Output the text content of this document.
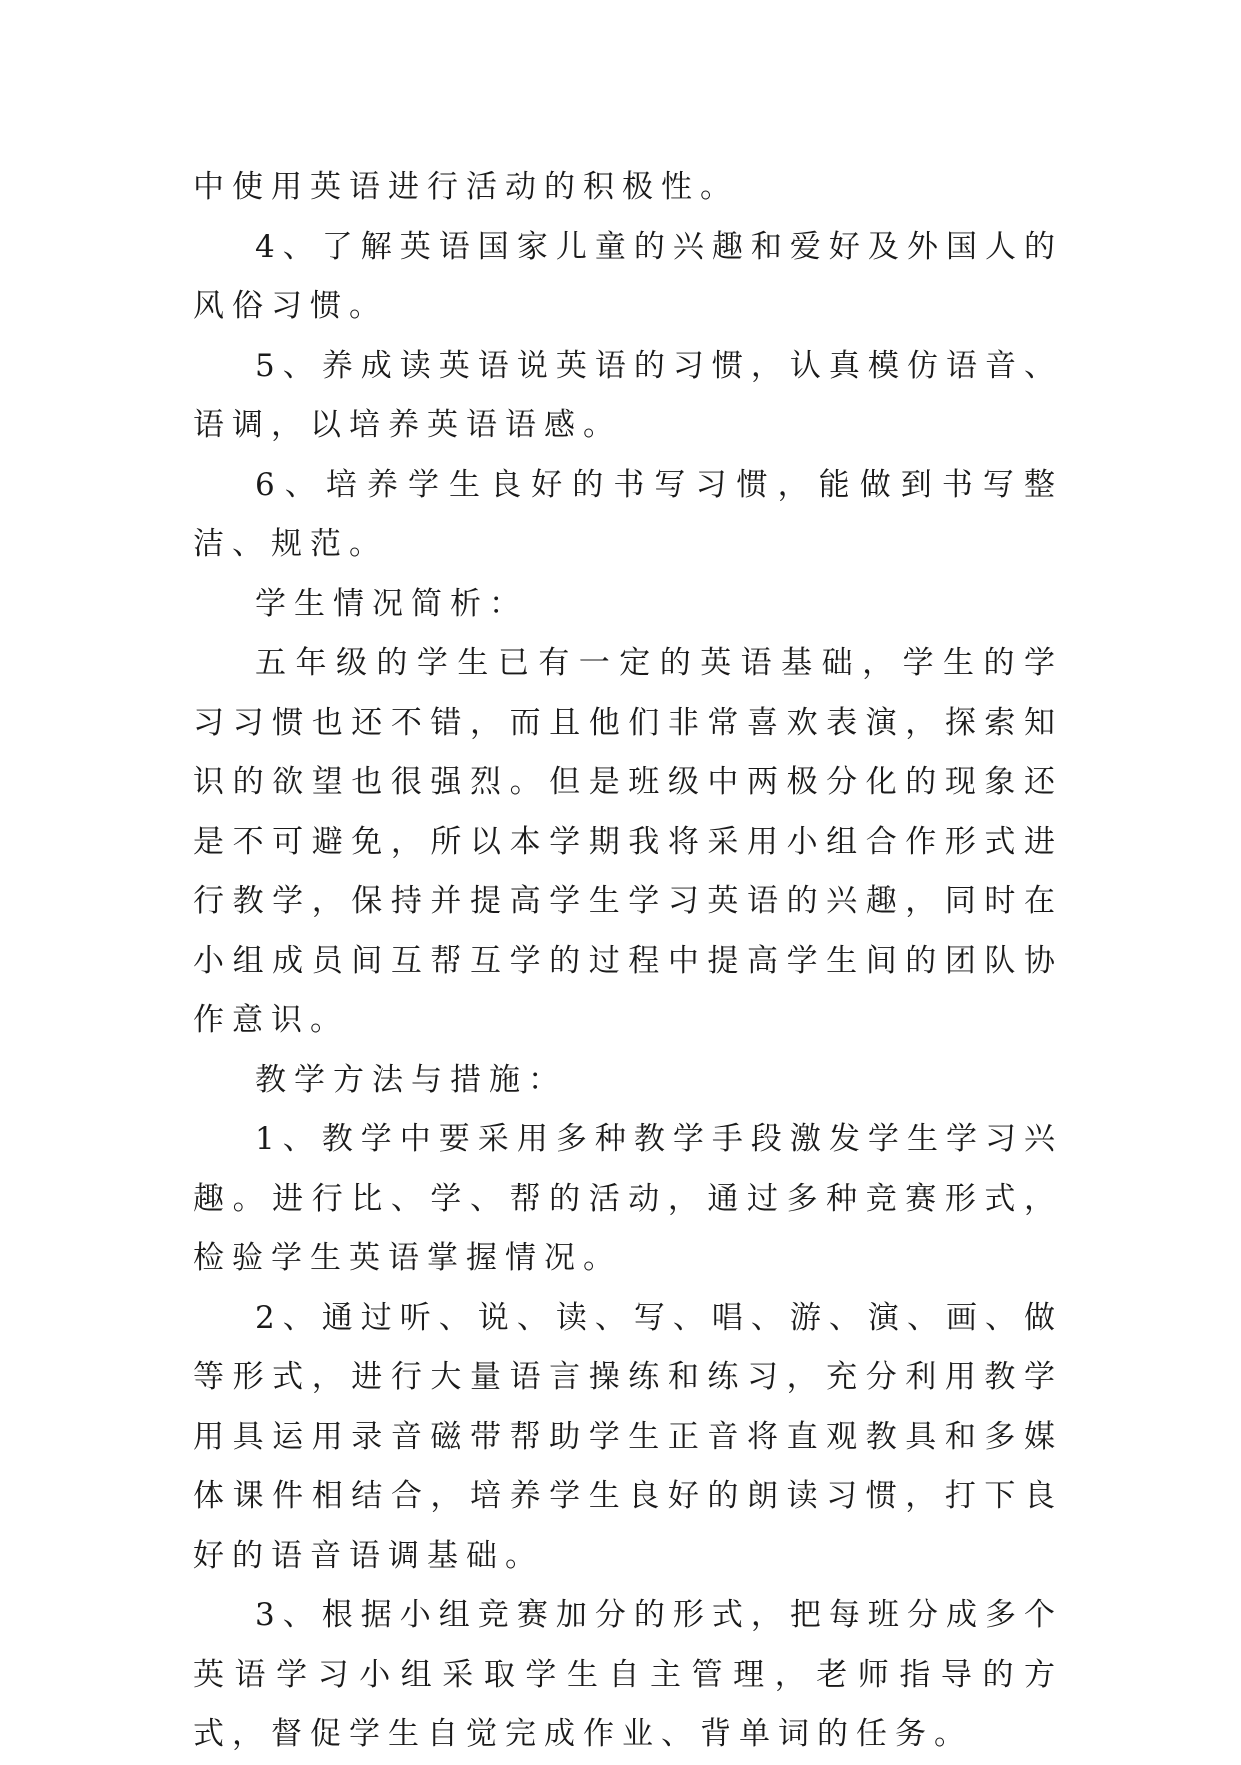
中使用英语进行活动的积极性。

4、了解英语国家儿童的兴趣和爱好及外国人的风俗习惯。

5、养成读英语说英语的习惯，认真模仿语音、语调，以培养英语语感。

6、培养学生良好的书写习惯，能做到书写整洁、规范。

学生情况简析：

五年级的学生已有一定的英语基础，学生的学习习惯也还不错，而且他们非常喜欢表演，探索知识的欲望也很强烈。但是班级中两极分化的现象还是不可避免，所以本学期我将采用小组合作形式进行教学，保持并提高学生学习英语的兴趣，同时在小组成员间互帮互学的过程中提高学生间的团队协作意识。

教学方法与措施：

1、教学中要采用多种教学手段激发学生学习兴趣。进行比、学、帮的活动，通过多种竞赛形式，检验学生英语掌握情况。

2、通过听、说、读、写、唱、游、演、画、做等形式，进行大量语言操练和练习，充分利用教学用具运用录音磁带帮助学生正音将直观教具和多媒体课件相结合，培养学生良好的朗读习惯，打下良好的语音语调基础。

3、根据小组竞赛加分的形式，把每班分成多个英语学习小组采取学生自主管理，老师指导的方式，督促学生自觉完成作业、背单词的任务。
